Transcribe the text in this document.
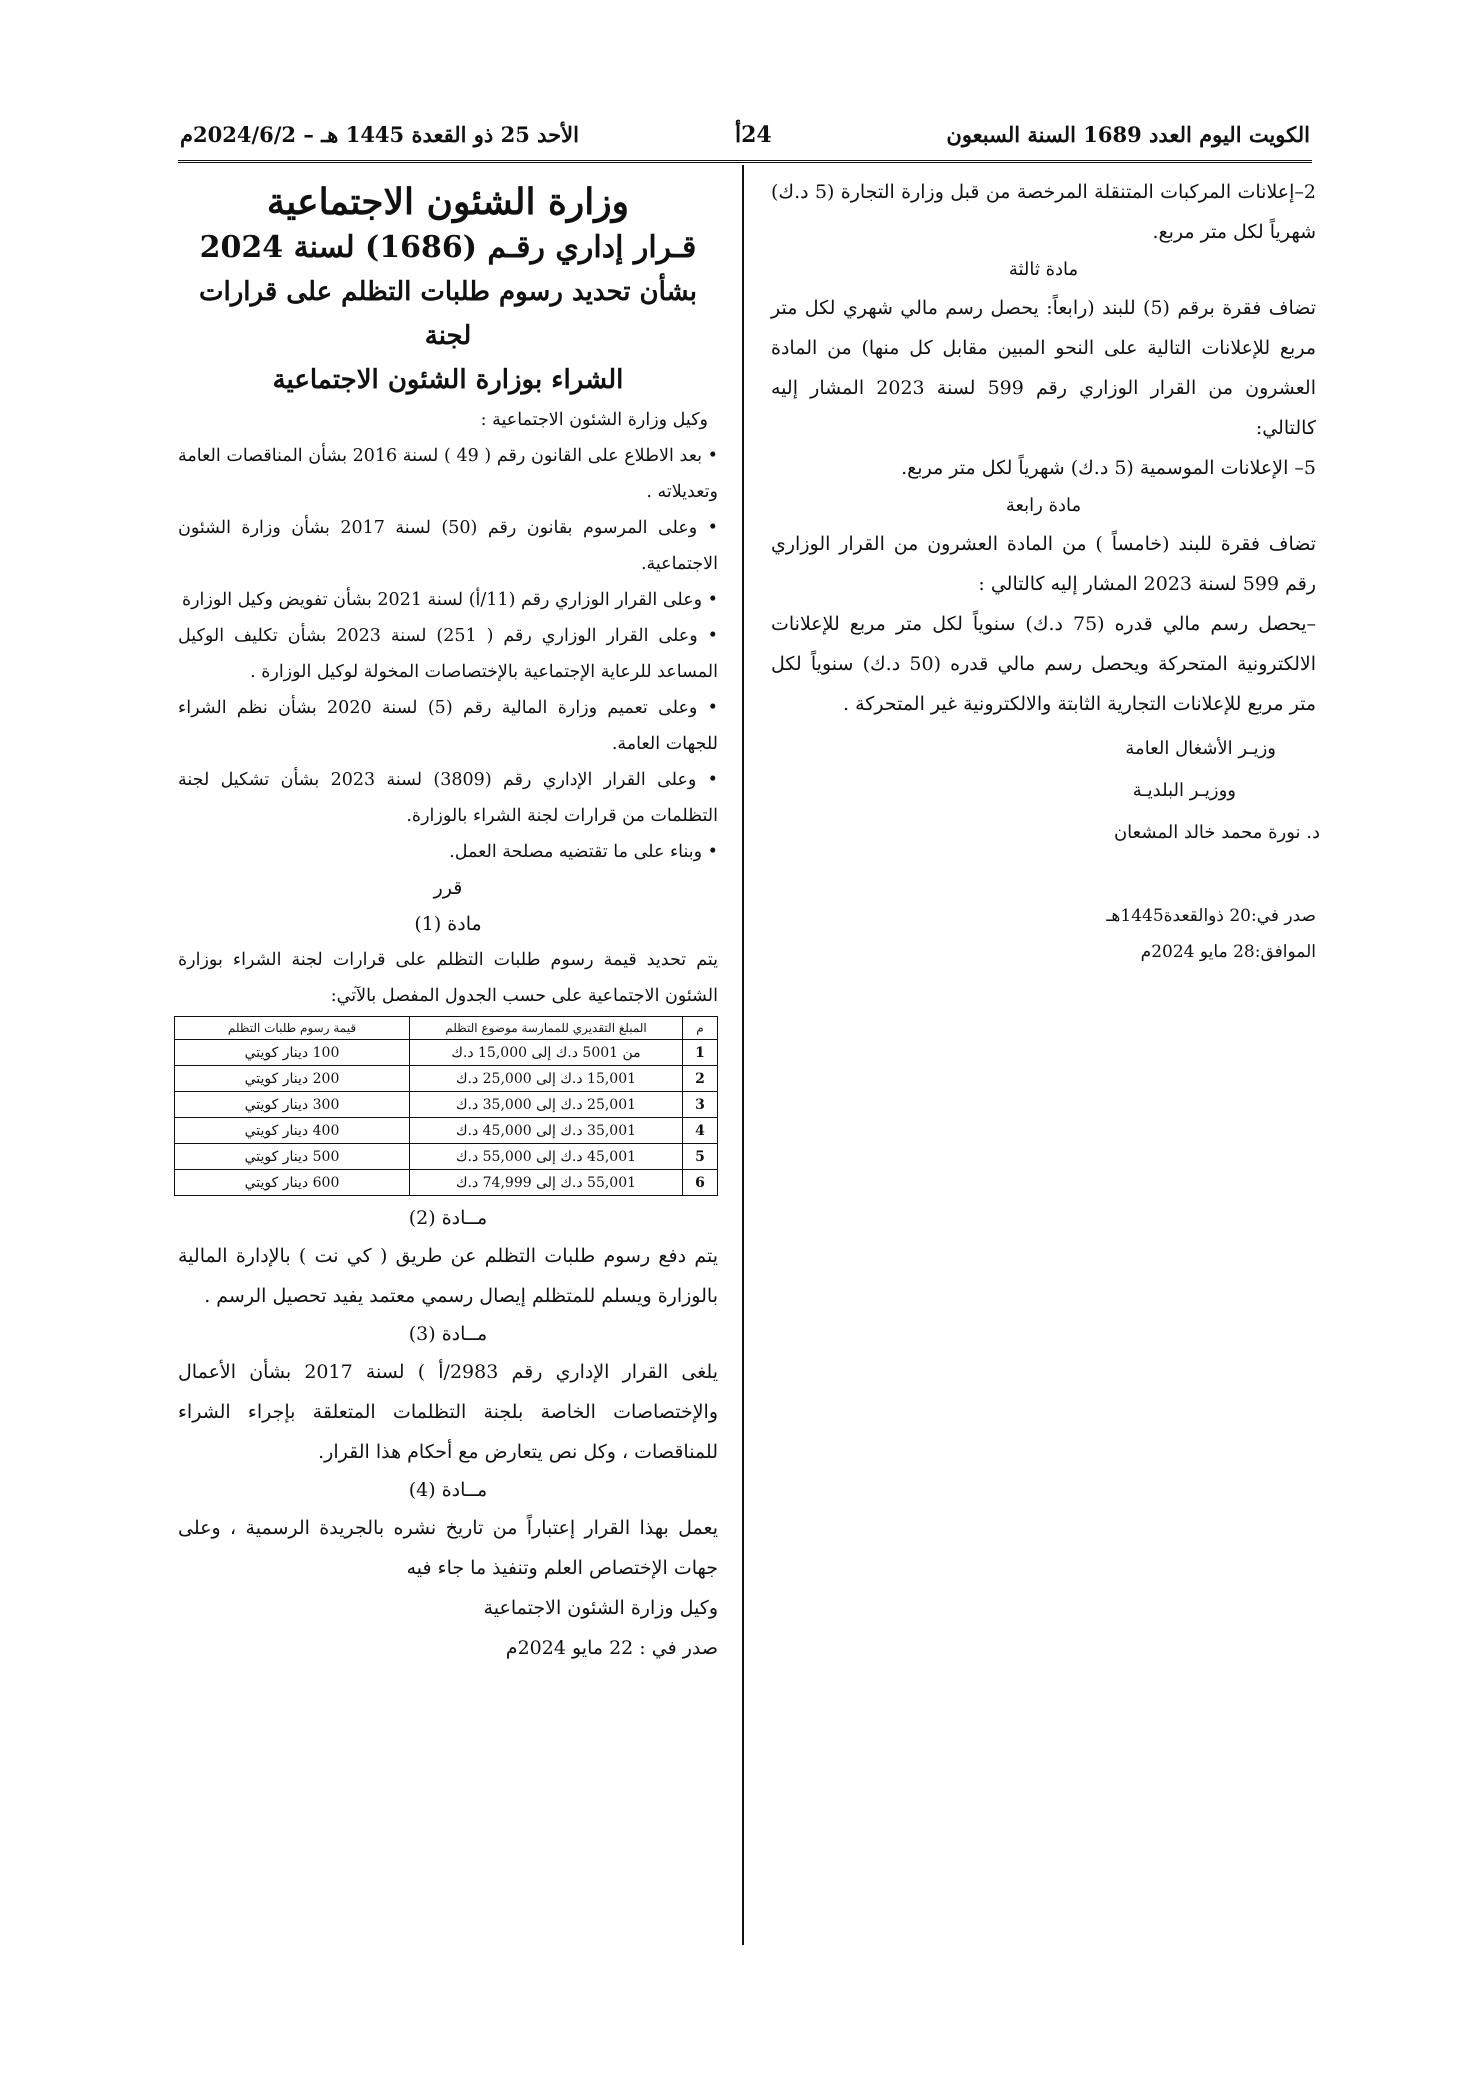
الكويت اليوم العدد 1689 السنة السبعون
24أ
الأحد 25 ذو القعدة 1445 هـ – 2024/6/2م

2–إعلانات المركبات المتنقلة المرخصة من قبل وزارة التجارة (5 د.ك) شهرياً لكل متر مربع.

مادة ثالثة

تضاف فقرة برقم (5) للبند (رابعاً: يحصل رسم مالي شهري لكل متر مربع للإعلانات التالية على النحو المبين مقابل كل منها) من المادة العشرون من القرار الوزاري رقم 599 لسنة 2023 المشار إليه كالتالي:

5– الإعلانات الموسمية (5 د.ك) شهرياً لكل متر مربع.

مادة رابعة

تضاف فقرة للبند (خامساً ) من المادة العشرون من القرار الوزاري رقم 599 لسنة 2023 المشار إليه كالتالي :

–يحصل رسم مالي قدره (75 د.ك) سنوياً لكل متر مربع للإعلانات الالكترونية المتحركة ويحصل رسم مالي قدره (50 د.ك) سنوياً لكل متر مربع للإعلانات التجارية الثابتة والالكترونية غير المتحركة .

وزيـر الأشغال العامة

ووزيـر البلديـة

د. نورة محمد خالد المشعان

صدر في:20 ذوالقعدة1445هـ

الموافق:28 مايو 2024م

وزارة الشئون الاجتماعية

قـرار إداري رقـم (1686) لسنة 2024

بشأن تحديد رسوم طلبات التظلم على قرارات لجنة

الشراء بوزارة الشئون الاجتماعية

وكيل وزارة الشئون الاجتماعية :

• بعد الاطلاع على القانون رقم ( 49 ) لسنة 2016 بشأن المناقصات العامة وتعديلاته .

• وعلى المرسوم بقانون رقم (50) لسنة 2017 بشأن وزارة الشئون الاجتماعية.

• وعلى القرار الوزاري رقم (11/أ) لسنة 2021 بشأن تفويض وكيل الوزارة

• وعلى القرار الوزاري رقم ( 251) لسنة 2023 بشأن تكليف الوكيل المساعد للرعاية الإجتماعية بالإختصاصات المخولة لوكيل الوزارة .

• وعلى تعميم وزارة المالية رقم (5) لسنة 2020 بشأن نظم الشراء للجهات العامة.

• وعلى القرار الإداري رقم (3809) لسنة 2023 بشأن تشكيل لجنة التظلمات من قرارات لجنة الشراء بالوزارة.

• وبناء على ما تقتضيه مصلحة العمل.

قرر

مادة (1)

يتم تحديد قيمة رسوم طلبات التظلم على قرارات لجنة الشراء بوزارة الشئون الاجتماعية على حسب الجدول المفصل بالآتي:

م	المبلغ التقديري للممارسة موضوع التظلم	قيمة رسوم طلبات التظلم
1	من 5001 د.ك إلى 15,000 د.ك	100 دينار كويتي
2	15,001 د.ك إلى 25,000 د.ك	200 دينار كويتي
3	25,001 د.ك إلى 35,000 د.ك	300 دينار كويتي
4	35,001 د.ك إلى 45,000 د.ك	400 دينار كويتي
5	45,001 د.ك إلى 55,000 د.ك	500 دينار كويتي
6	55,001 د.ك إلى 74,999 د.ك	600 دينار كويتي

مــادة (2)

يتم دفع رسوم طلبات التظلم عن طريق ( كي نت ) بالإدارة المالية بالوزارة ويسلم للمتظلم إيصال رسمي معتمد يفيد تحصيل الرسم .

مــادة (3)

يلغى القرار الإداري رقم 2983/أ ) لسنة 2017 بشأن الأعمال والإختصاصات الخاصة بلجنة التظلمات المتعلقة بإجراء الشراء للمناقصات ، وكل نص يتعارض مع أحكام هذا القرار.

مــادة (4)

يعمل بهذا القرار إعتباراً من تاريخ نشره بالجريدة الرسمية ، وعلى جهات الإختصاص العلم وتنفيذ ما جاء فيه

وكيل وزارة الشئون الاجتماعية

صدر في : 22 مايو 2024م
